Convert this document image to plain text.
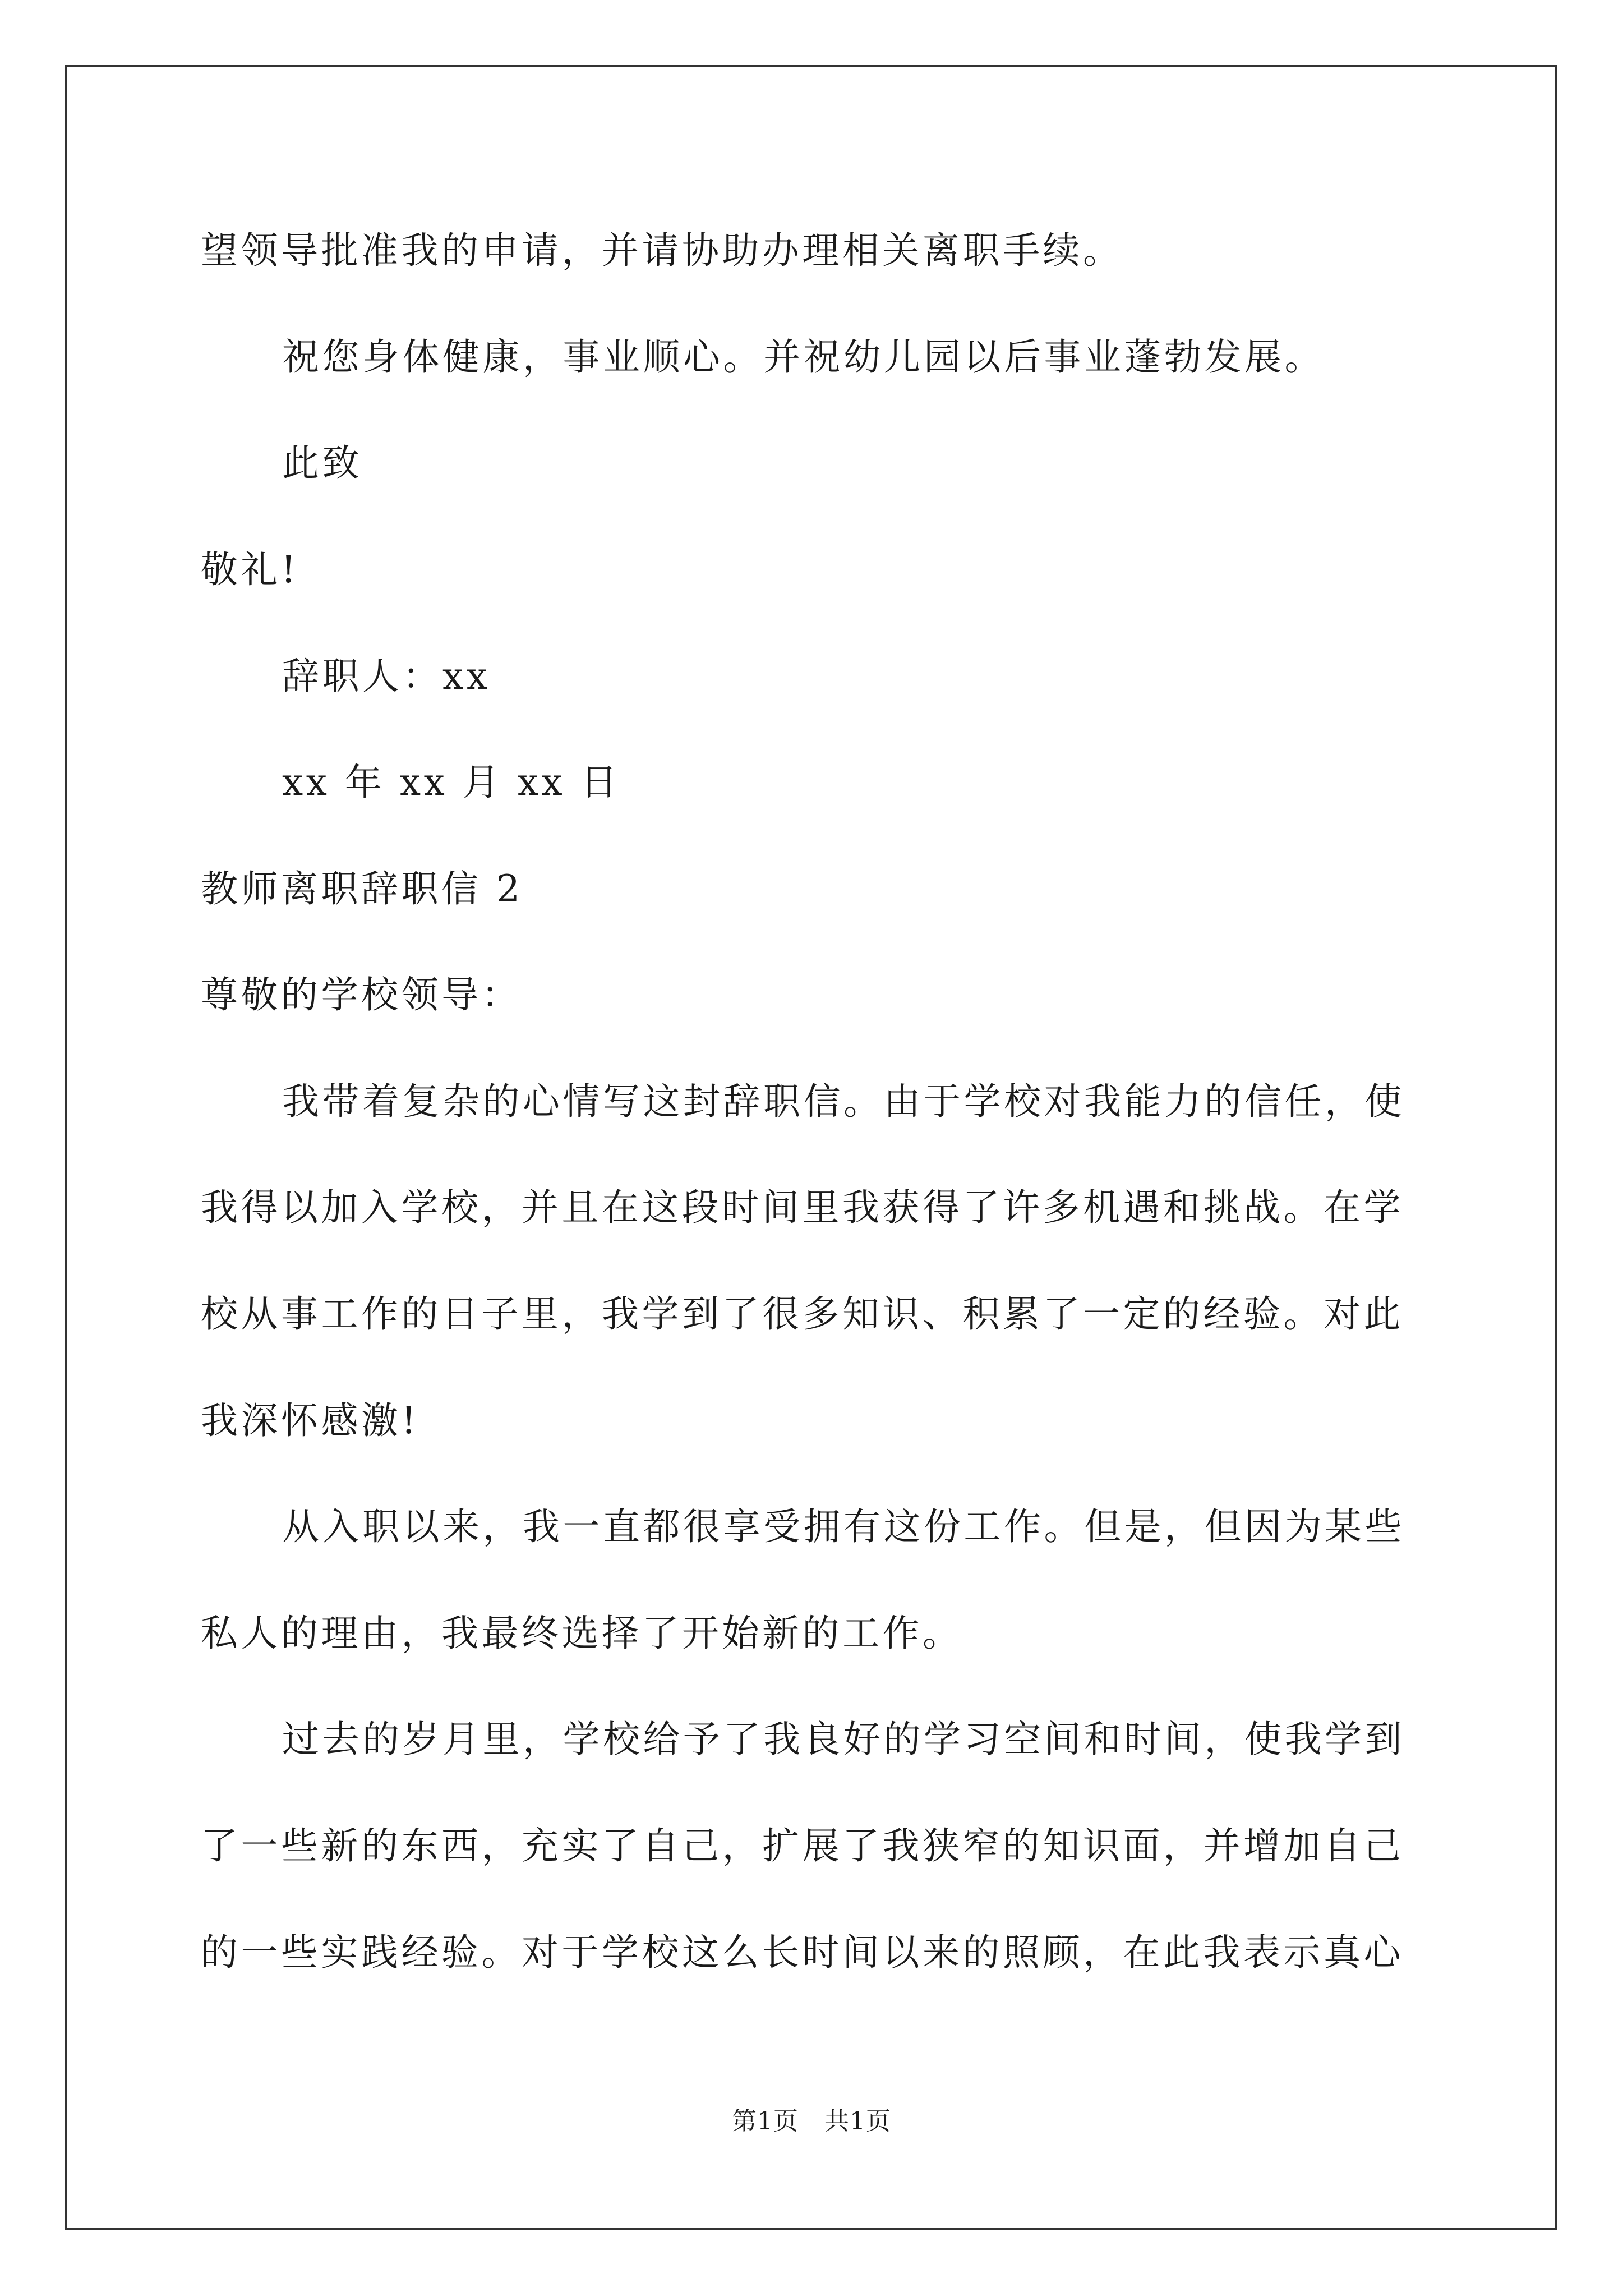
望领导批准我的申请，并请协助办理相关离职手续。
祝您身体健康，事业顺心。并祝幼儿园以后事业蓬勃发展。
此致
敬礼!
辞职人：xx
xx 年 xx 月 xx 日
教师离职辞职信 2
尊敬的学校领导：
我带着复杂的心情写这封辞职信。由于学校对我能力的信任，使
我得以加入学校，并且在这段时间里我获得了许多机遇和挑战。在学
校从事工作的日子里，我学到了很多知识、积累了一定的经验。对此
我深怀感激!
从入职以来，我一直都很享受拥有这份工作。但是，但因为某些
私人的理由，我最终选择了开始新的工作。
过去的岁月里，学校给予了我良好的学习空间和时间，使我学到
了一些新的东西，充实了自己，扩展了我狭窄的知识面，并增加自己
的一些实践经验。对于学校这么长时间以来的照顾，在此我表示真心
第1页 共1页
